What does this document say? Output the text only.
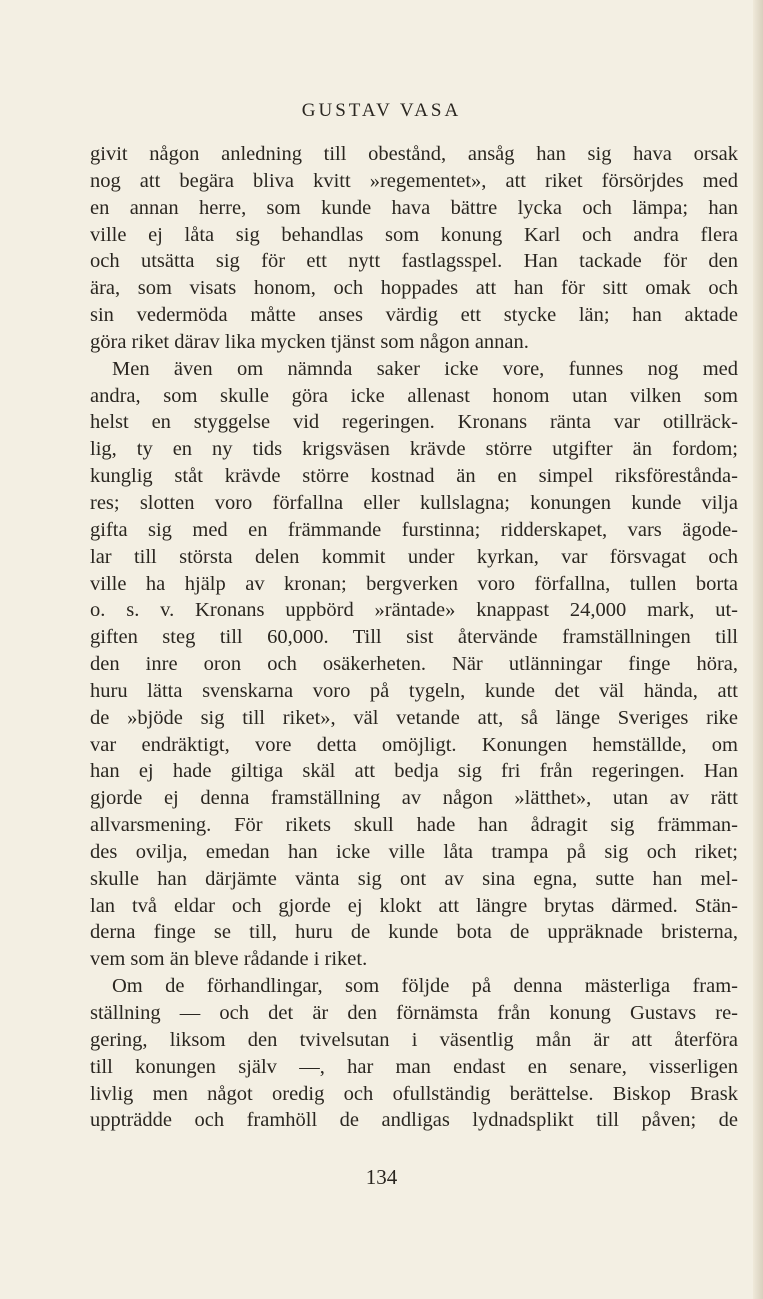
GUSTAV VASA
givit någon anledning till obestånd, ansåg han sig hava orsak
nog att begära bliva kvitt »regementet», att riket försörjdes med
en annan herre, som kunde hava bättre lycka och lämpa; han
ville ej låta sig behandlas som konung Karl och andra flera
och utsätta sig för ett nytt fastlagsspel. Han tackade för den
ära, som visats honom, och hoppades att han för sitt omak och
sin vedermöda måtte anses värdig ett stycke län; han aktade
göra riket därav lika mycken tjänst som någon annan.
Men även om nämnda saker icke vore, funnes nog med
andra, som skulle göra icke allenast honom utan vilken som
helst en styggelse vid regeringen. Kronans ränta var otillräck-
lig, ty en ny tids krigsväsen krävde större utgifter än fordom;
kunglig ståt krävde större kostnad än en simpel riksförestånda-
res; slotten voro förfallna eller kullslagna; konungen kunde vilja
gifta sig med en främmande furstinna; ridderskapet, vars ägode-
lar till största delen kommit under kyrkan, var försvagat och
ville ha hjälp av kronan; bergverken voro förfallna, tullen borta
o. s. v. Kronans uppbörd »räntade» knappast 24,000 mark, ut-
giften steg till 60,000. Till sist återvände framställningen till
den inre oron och osäkerheten. När utlänningar finge höra,
huru lätta svenskarna voro på tygeln, kunde det väl hända, att
de »bjöde sig till riket», väl vetande att, så länge Sveriges rike
var endräktigt, vore detta omöjligt. Konungen hemställde, om
han ej hade giltiga skäl att bedja sig fri från regeringen. Han
gjorde ej denna framställning av någon »lätthet», utan av rätt
allvarsmening. För rikets skull hade han ådragit sig främman-
des ovilja, emedan han icke ville låta trampa på sig och riket;
skulle han därjämte vänta sig ont av sina egna, sutte han mel-
lan två eldar och gjorde ej klokt att längre brytas därmed. Stän-
derna finge se till, huru de kunde bota de uppräknade bristerna,
vem som än bleve rådande i riket.
Om de förhandlingar, som följde på denna mästerliga fram-
ställning — och det är den förnämsta från konung Gustavs re-
gering, liksom den tvivelsutan i väsentlig mån är att återföra
till konungen själv —, har man endast en senare, visserligen
livlig men något oredig och ofullständig berättelse. Biskop Brask
uppträdde och framhöll de andligas lydnadsplikt till påven; de
134
